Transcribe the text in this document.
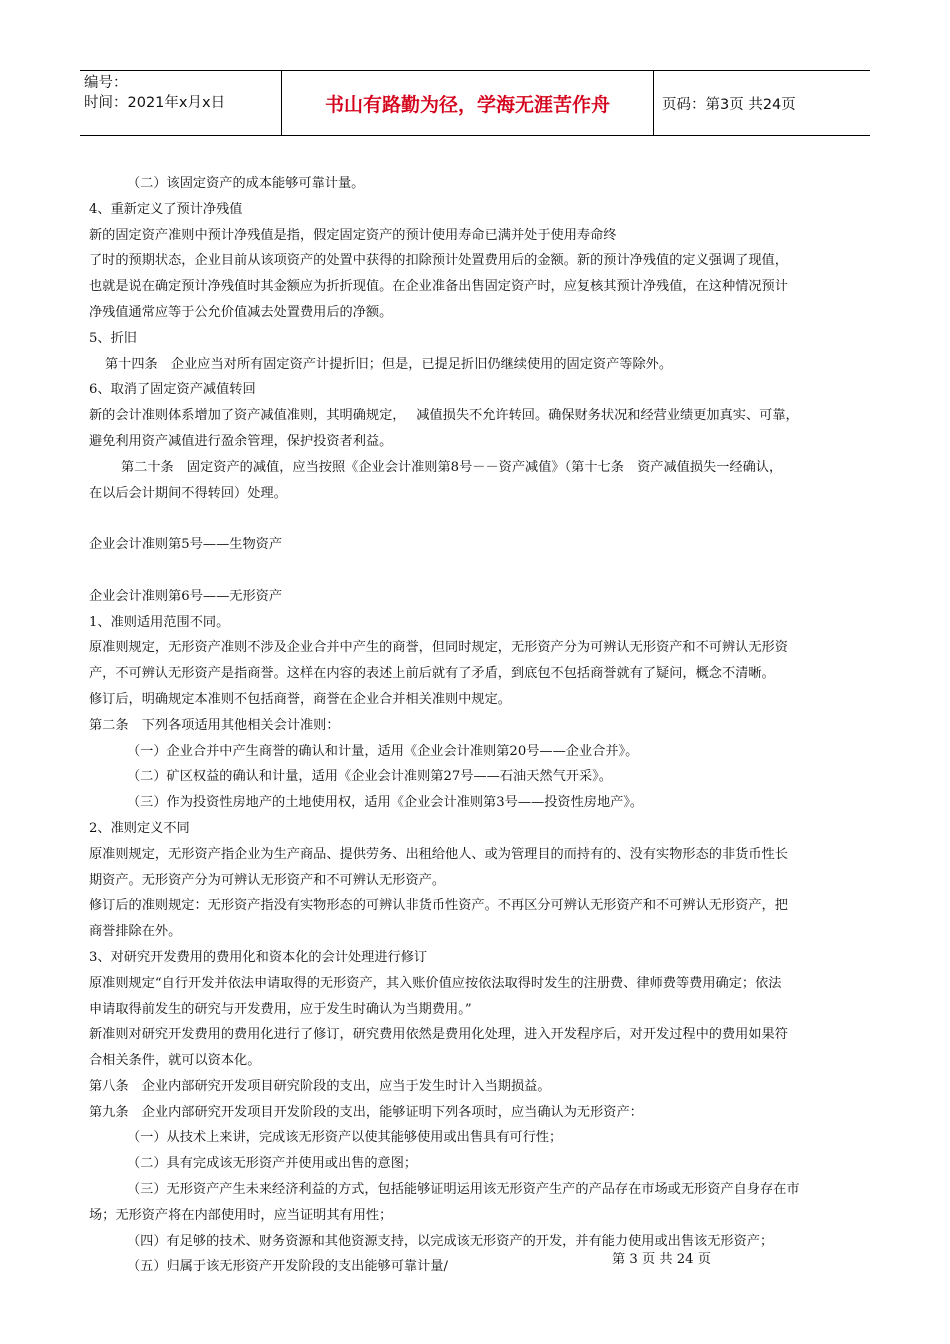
编号：
时间：2021年x月x日	书山有路勤为径，学海无涯苦作舟	页码：第3页 共24页
（二）该固定资产的成本能够可靠计量。
4、重新定义了预计净残值
新的固定资产准则中预计净残值是指，假定固定资产的预计使用寿命已满并处于使用寿命终
了时的预期状态，企业目前从该项资产的处置中获得的扣除预计处置费用后的金额。新的预计净残值的定义强调了现值，
也就是说在确定预计净残值时其金额应为折折现值。在企业准备出售固定资产时，应复核其预计净残值，在这种情况预计
净残值通常应等于公允价值减去处置费用后的净额。
5、折旧
第十四条　企业应当对所有固定资产计提折旧；但是，已提足折旧仍继续使用的固定资产等除外。
6、取消了固定资产减值转回
新的会计准则体系增加了资产减值准则，其明确规定，　 减值损失不允许转回。确保财务状况和经营业绩更加真实、可靠，
避免利用资产减值进行盈余管理，保护投资者利益。
第二十条　固定资产的减值，应当按照《企业会计准则第8号－－资产减值》（第十七条　资产减值损失一经确认，
在以后会计期间不得转回）处理。
企业会计准则第5号——生物资产
企业会计准则第6号——无形资产
1、准则适用范围不同。
原准则规定，无形资产准则不涉及企业合并中产生的商誉，但同时规定，无形资产分为可辨认无形资产和不可辨认无形资
产，不可辨认无形资产是指商誉。这样在内容的表述上前后就有了矛盾，到底包不包括商誉就有了疑问，概念不清晰。
修订后，明确规定本准则不包括商誉，商誉在企业合并相关准则中规定。
第二条　下列各项适用其他相关会计准则：
（一）企业合并中产生商誉的确认和计量，适用《企业会计准则第20号——企业合并》。
（二）矿区权益的确认和计量，适用《企业会计准则第27号——石油天然气开采》。
（三）作为投资性房地产的土地使用权，适用《企业会计准则第3号——投资性房地产》。
2、准则定义不同
原准则规定，无形资产指企业为生产商品、提供劳务、出租给他人、或为管理目的而持有的、没有实物形态的非货币性长
期资产。无形资产分为可辨认无形资产和不可辨认无形资产。
修订后的准则规定：无形资产指没有实物形态的可辨认非货币性资产。不再区分可辨认无形资产和不可辨认无形资产，把
商誉排除在外。
3、对研究开发费用的费用化和资本化的会计处理进行修订
原准则规定“自行开发并依法申请取得的无形资产，其入账价值应按依法取得时发生的注册费、律师费等费用确定；依法
申请取得前发生的研究与开发费用，应于发生时确认为当期费用。”
新准则对研究开发费用的费用化进行了修订，研究费用依然是费用化处理，进入开发程序后，对开发过程中的费用如果符
合相关条件，就可以资本化。
第八条　企业内部研究开发项目研究阶段的支出，应当于发生时计入当期损益。
第九条　企业内部研究开发项目开发阶段的支出，能够证明下列各项时，应当确认为无形资产：
（一）从技术上来讲，完成该无形资产以使其能够使用或出售具有可行性；
（二）具有完成该无形资产并使用或出售的意图；
（三）无形资产产生未来经济利益的方式，包括能够证明运用该无形资产生产的产品存在市场或无形资产自身存在市
场；无形资产将在内部使用时，应当证明其有用性；
（四）有足够的技术、财务资源和其他资源支持，以完成该无形资产的开发，并有能力使用或出售该无形资产；
（五）归属于该无形资产开发阶段的支出能够可靠计量/	第 3 页 共 24 页
